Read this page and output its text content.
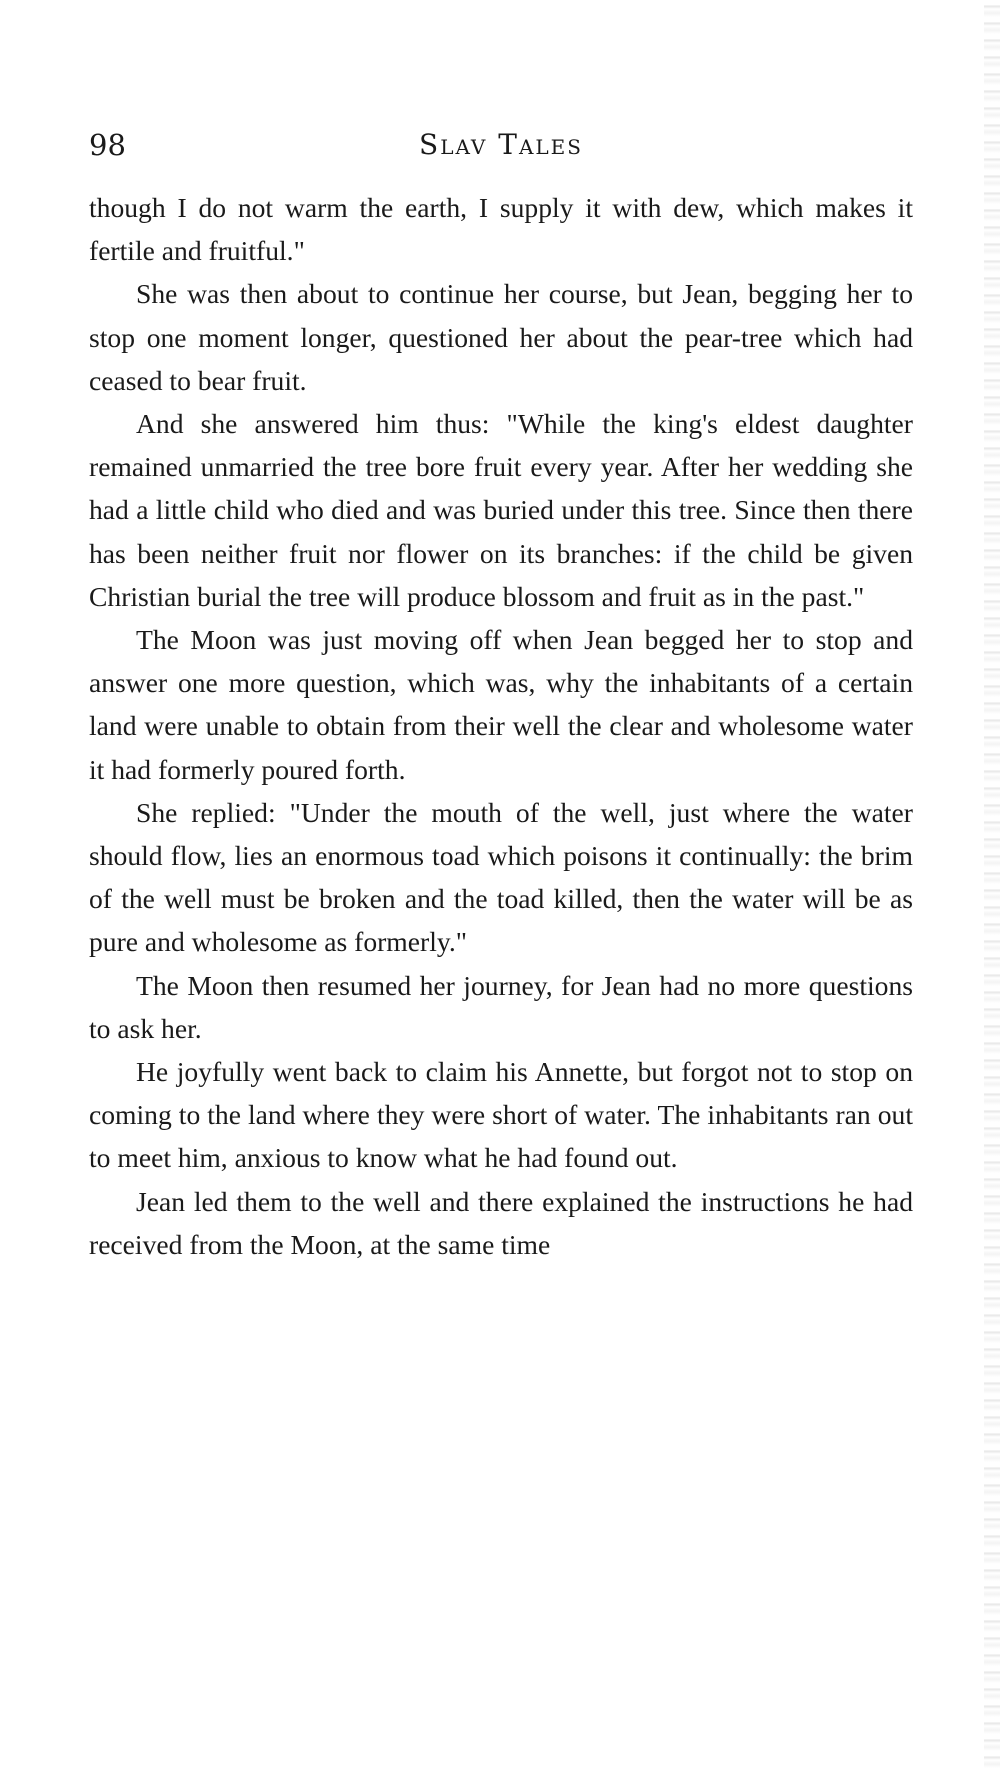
98	Slav Tales

though I do not warm the earth, I supply it with dew, which makes it fertile and fruitful."

She was then about to continue her course, but Jean, begging her to stop one moment longer, questioned her about the pear-tree which had ceased to bear fruit.

And she answered him thus: "While the king's eldest daughter remained unmarried the tree bore fruit every year. After her wedding she had a little child who died and was buried under this tree. Since then there has been neither fruit nor flower on its branches: if the child be given Christian burial the tree will produce blossom and fruit as in the past."

The Moon was just moving off when Jean begged her to stop and answer one more question, which was, why the inhabitants of a certain land were unable to obtain from their well the clear and wholesome water it had formerly poured forth.

She replied: "Under the mouth of the well, just where the water should flow, lies an enormous toad which poisons it continually: the brim of the well must be broken and the toad killed, then the water will be as pure and wholesome as formerly."

The Moon then resumed her journey, for Jean had no more questions to ask her.

He joyfully went back to claim his Annette, but forgot not to stop on coming to the land where they were short of water. The inhabitants ran out to meet him, anxious to know what he had found out.

Jean led them to the well and there explained the instructions he had received from the Moon, at the same time
